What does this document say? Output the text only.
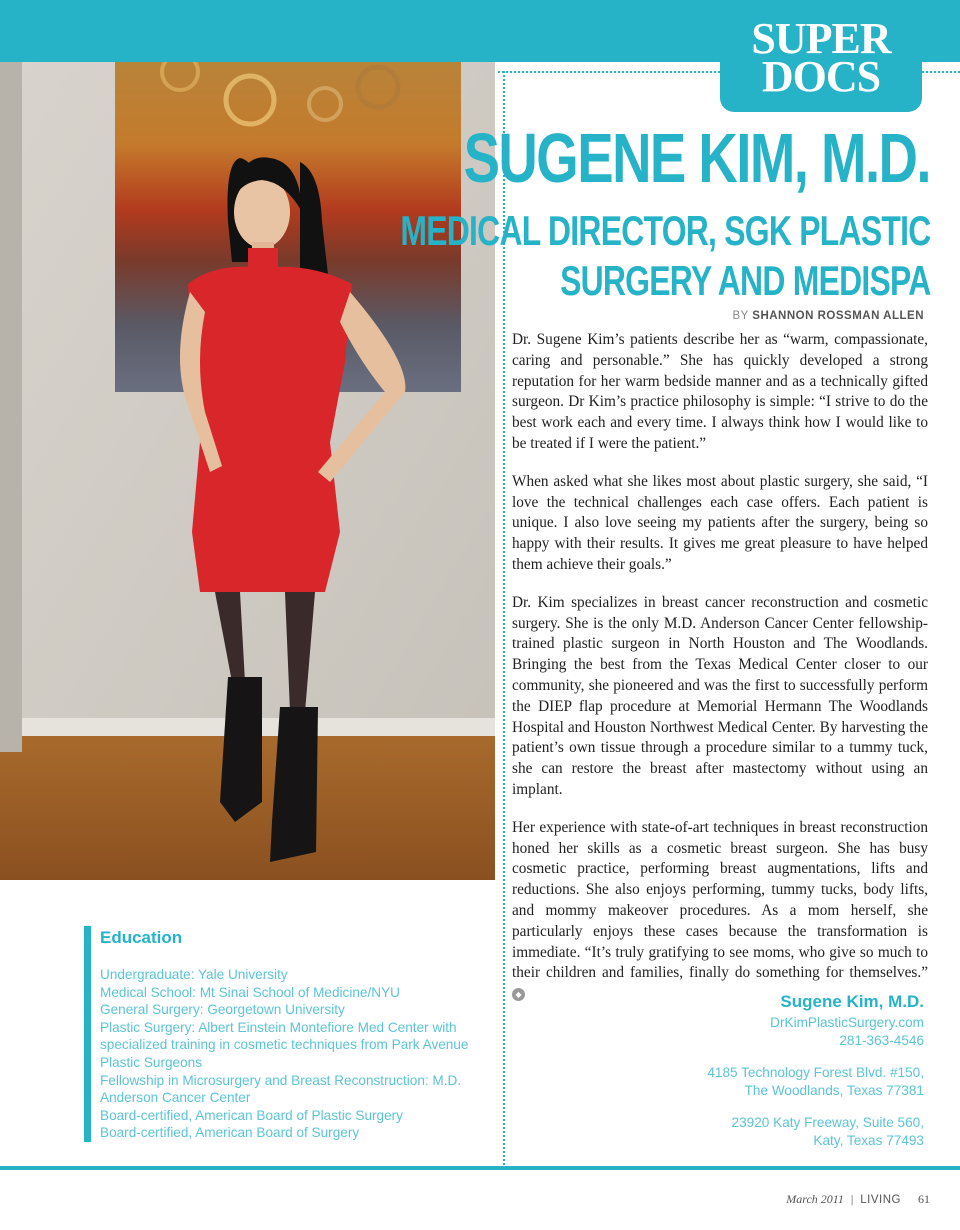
SUPER
DOCS
SUGENE KIM, M.D.
MEDICAL DIRECTOR, SGK PLASTIC
SURGERY AND MEDISPA
BY SHANNON ROSSMAN ALLEN

Dr. Sugene Kim’s patients describe her as “warm, compassionate, caring and personable.” She has quickly developed a strong reputation for her warm bedside manner and as a technically gifted surgeon. Dr Kim’s practice philosophy is simple: “I strive to do the best work each and every time. I always think how I would like to be treated if I were the patient.”

When asked what she likes most about plastic surgery, she said, “I love the technical challenges each case offers. Each patient is unique. I also love seeing my patients after the surgery, being so happy with their results. It gives me great pleasure to have helped them achieve their goals.”

Dr. Kim specializes in breast cancer reconstruction and cosmetic surgery. She is the only M.D. Anderson Cancer Center fellowship-trained plastic surgeon in North Houston and The Woodlands. Bringing the best from the Texas Medical Center closer to our community, she pioneered and was the first to successfully perform the DIEP flap procedure at Memorial Hermann The Woodlands Hospital and Houston Northwest Medical Center. By harvesting the patient’s own tissue through a procedure similar to a tummy tuck, she can restore the breast after mastectomy without using an implant.

Her experience with state-of-art techniques in breast reconstruction honed her skills as a cosmetic breast surgeon. She has busy cosmetic practice, performing breast augmentations, lifts and reductions. She also enjoys performing, tummy tucks, body lifts, and mommy makeover procedures. As a mom herself, she particularly enjoys these cases because the transformation is immediate. “It’s truly gratifying to see moms, who give so much to their children and families, finally do something for themselves.” ◆

Education
Undergraduate: Yale University
Medical School: Mt Sinai School of Medicine/NYU
General Surgery: Georgetown University
Plastic Surgery: Albert Einstein Montefiore Med Center with specialized training in cosmetic techniques from Park Avenue Plastic Surgeons
Fellowship in Microsurgery and Breast Reconstruction: M.D. Anderson Cancer Center
Board-certified, American Board of Plastic Surgery
Board-certified, American Board of Surgery
Sugene Kim, M.D.
DrKimPlasticSurgery.com
281-363-4546
4185 Technology Forest Blvd. #150,
The Woodlands, Texas 77381
23920 Katy Freeway, Suite 560,
Katy, Texas 77493
March 2011 | LIVING 61
